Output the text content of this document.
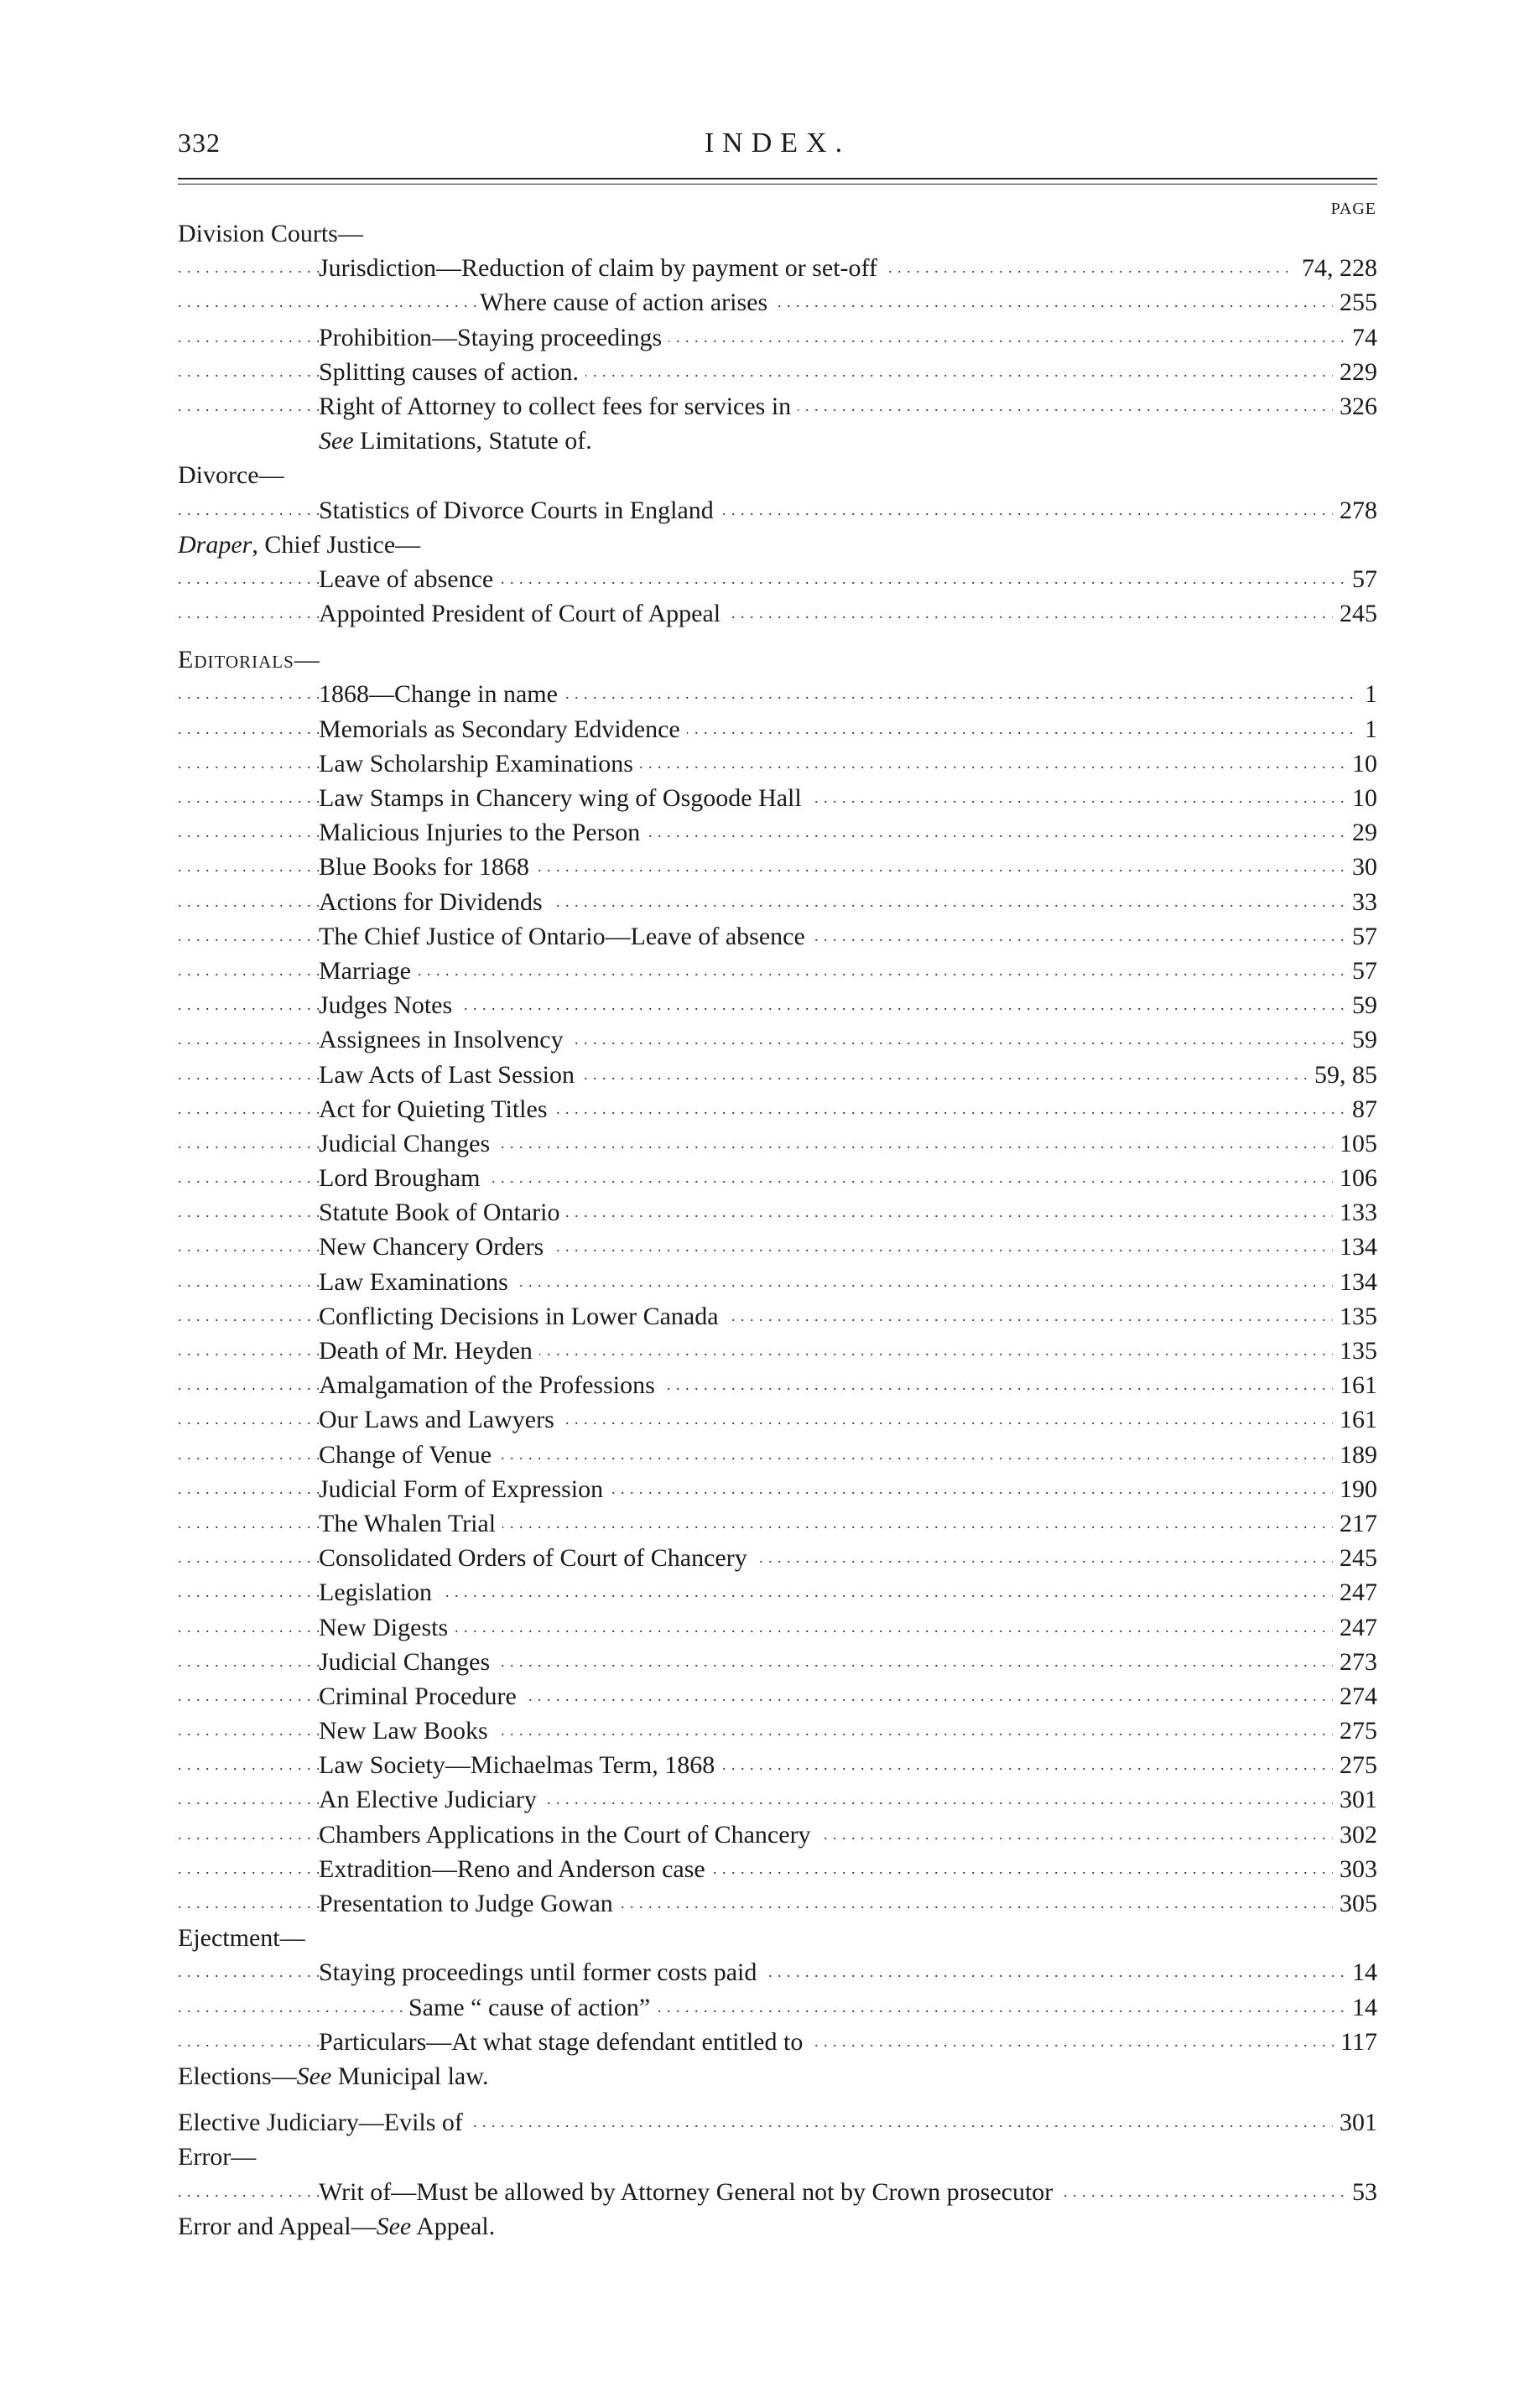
332	INDEX.
PAGE
Division Courts—
Jurisdiction—Reduction of claim by payment or set-off	74, 228
. . .
Where cause of action arises	255
. . .
Prohibition—Staying proceedings	74
. . .
Splitting causes of action.	229
. . .
Right of Attorney to collect fees for services in	326
. . .
See Limitations, Statute of.
Divorce—
Statistics of Divorce Courts in England	278
. . .
Draper, Chief Justice—
Leave of absence	57
. . .
Appointed President of Court of Appeal	245
. . .
Editorials—
1868—Change in name	1
. . .
Memorials as Secondary Edvidence	1
. . .
Law Scholarship Examinations	10
. . .
Law Stamps in Chancery wing of Osgoode Hall	10
. . .
Malicious Injuries to the Person	29
. . .
Blue Books for 1868	30
. . .
Actions for Dividends	33
. . .
The Chief Justice of Ontario—Leave of absence	57
. . .
Marriage	57
. . .
Judges Notes	59
. . .
Assignees in Insolvency	59
. . .
Law Acts of Last Session	59, 85
. . .
Act for Quieting Titles	87
. . .
Judicial Changes	105
. . .
Lord Brougham	106
. . .
Statute Book of Ontario	133
. . .
New Chancery Orders	134
. . .
Law Examinations	134
. . .
Conflicting Decisions in Lower Canada	135
. . .
Death of Mr. Heyden	135
. . .
Amalgamation of the Professions	161
. . .
Our Laws and Lawyers	161
. . .
Change of Venue	189
. . .
Judicial Form of Expression	190
. . .
The Whalen Trial	217
. . .
Consolidated Orders of Court of Chancery	245
. . .
Legislation	247
. . .
New Digests	247
. . .
Judicial Changes	273
. . .
Criminal Procedure	274
. . .
New Law Books	275
. . .
Law Society—Michaelmas Term, 1868	275
. . .
An Elective Judiciary	301
. . .
Chambers Applications in the Court of Chancery	302
. . .
Extradition—Reno and Anderson case	303
. . .
Presentation to Judge Gowan	305
. . .
Ejectment—
Staying proceedings until former costs paid	14
. . .
Same “ cause of action”	14
. . .
Particulars—At what stage defendant entitled to	117
. . .
Elections—See Municipal law.
Elective Judiciary—Evils of	301
. . .
Error—
Writ of—Must be allowed by Attorney General not by Crown prosecutor	53
. . .
Error and Appeal—See Appeal.
